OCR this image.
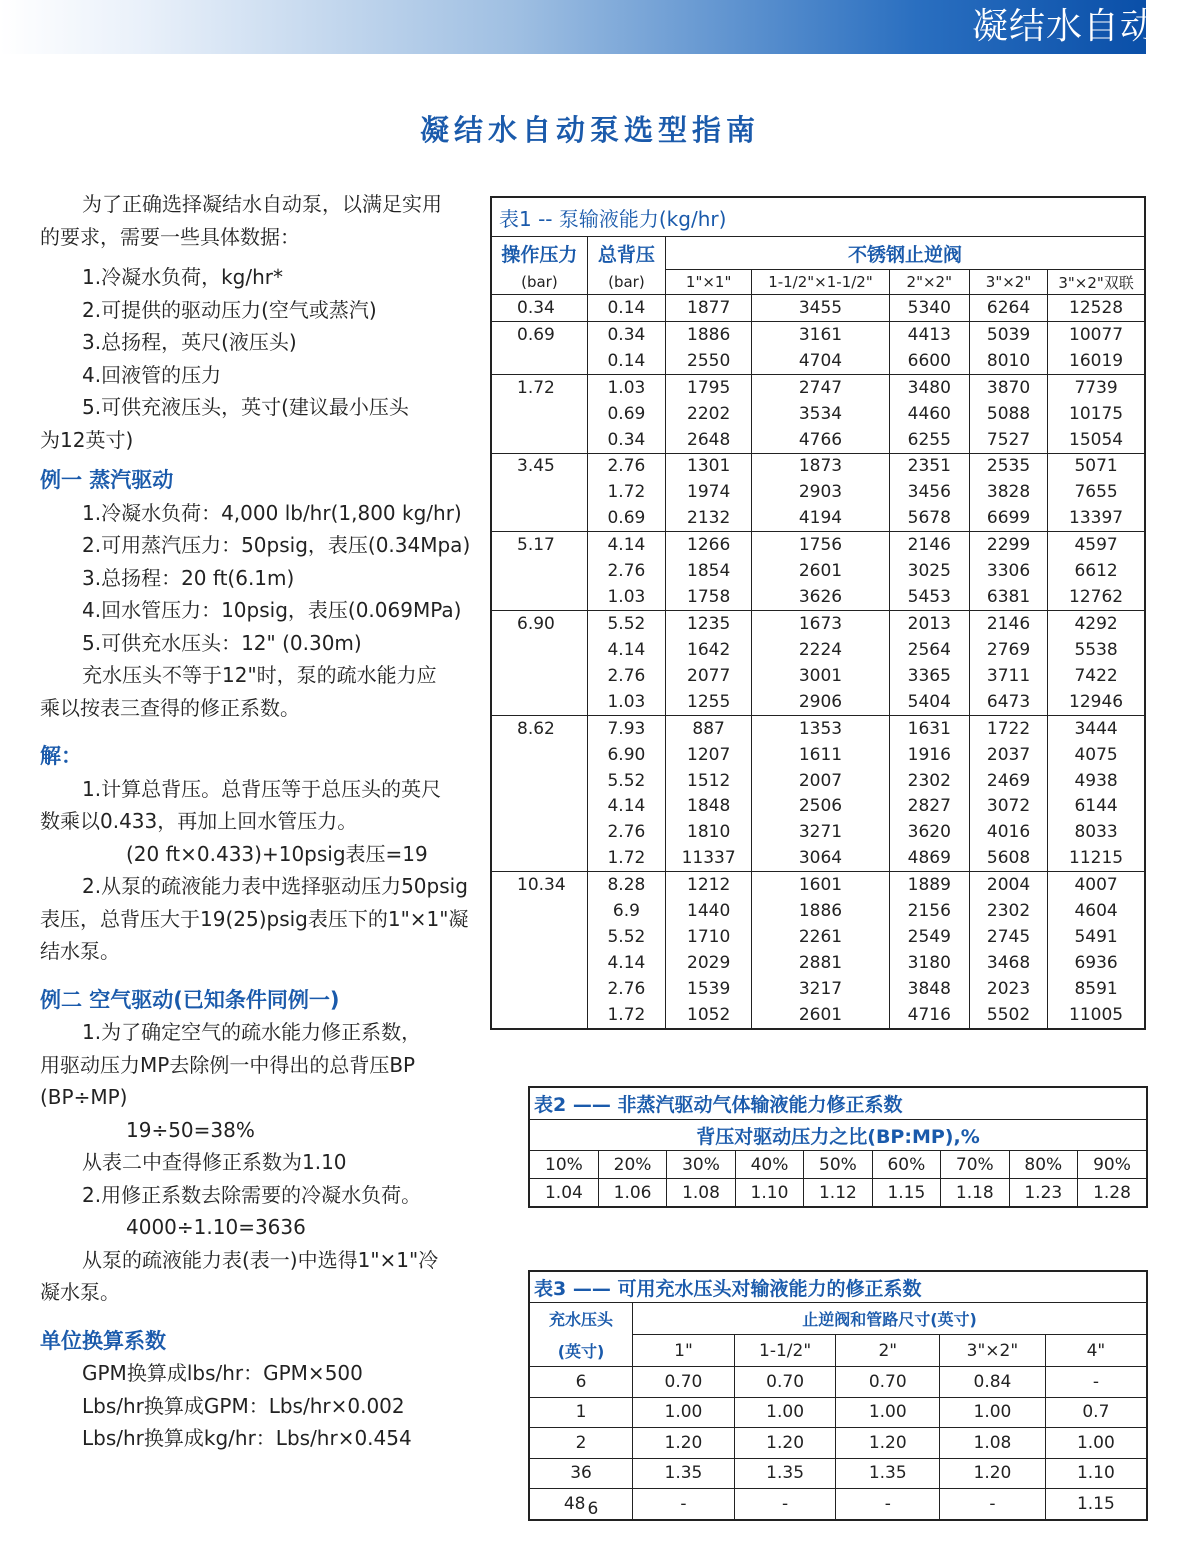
凝结水自动泵
凝结水自动泵选型指南

为了正确选择凝结水自动泵，以满足实用

的要求，需要一些具体数据：

1.冷凝水负荷，kg/hr*

2.可提供的驱动压力(空气或蒸汽)

3.总扬程，英尺(液压头)

4.回液管的压力

5.可供充液压头，英寸(建议最小压头

为12英寸)

例一 蒸汽驱动

1.冷凝水负荷：4,000 lb/hr(1,800 kg/hr)

2.可用蒸汽压力：50psig，表压(0.34Mpa)

3.总扬程：20 ft(6.1m)

4.回水管压力：10psig，表压(0.069MPa)

5.可供充水压头：12" (0.30m)

充水压头不等于12"时，泵的疏水能力应

乘以按表三查得的修正系数。

解：

1.计算总背压。总背压等于总压头的英尺

数乘以0.433，再加上回水管压力。

(20 ft×0.433)+10psig表压=19

2.从泵的疏液能力表中选择驱动压力50psig

表压，总背压大于19(25)psig表压下的1"×1"凝

结水泵。

例二 空气驱动(已知条件同例一)

1.为了确定空气的疏水能力修正系数，

用驱动压力MP去除例一中得出的总背压BP

(BP÷MP)

19÷50=38%

从表二中查得修正系数为1.10

2.用修正系数去除需要的冷凝水负荷。

4000÷1.10=3636

从泵的疏液能力表(表一)中选得1"×1"冷

凝水泵。

单位换算系数

GPM换算成lbs/hr：GPM×500

Lbs/hr换算成GPM：Lbs/hr×0.002

Lbs/hr换算成kg/hr：Lbs/hr×0.454

表1 -- 泵输液能力(kg/hr)						
操作压力	总背压	不锈钢止逆阀				
(bar)	(bar)	1"×1"	1-1/2"×1-1/2"	2"×2"	3"×2"	3"×2"双联
0.34	0.14	1877	3455	5340	6264	12528
0.69	0.34	1886	3161	4413	5039	10077
	0.14	2550	4704	6600	8010	16019
1.72	1.03	1795	2747	3480	3870	7739
	0.69	2202	3534	4460	5088	10175
	0.34	2648	4766	6255	7527	15054
3.45	2.76	1301	1873	2351	2535	5071
	1.72	1974	2903	3456	3828	7655
	0.69	2132	4194	5678	6699	13397
5.17	4.14	1266	1756	2146	2299	4597
	2.76	1854	2601	3025	3306	6612
	1.03	1758	3626	5453	6381	12762
6.90	5.52	1235	1673	2013	2146	4292
	4.14	1642	2224	2564	2769	5538
	2.76	2077	3001	3365	3711	7422
	1.03	1255	2906	5404	6473	12946
8.62	7.93	887	1353	1631	1722	3444
	6.90	1207	1611	1916	2037	4075
	5.52	1512	2007	2302	2469	4938
	4.14	1848	2506	2827	3072	6144
	2.76	1810	3271	3620	4016	8033
	1.72	11337	3064	4869	5608	11215
10.34	8.28	1212	1601	1889	2004	4007
	6.9	1440	1886	2156	2302	4604
	5.52	1710	2261	2549	2745	5491
	4.14	2029	2881	3180	3468	6936
	2.76	1539	3217	3848	2023	8591
	1.72	1052	2601	4716	5502	11005
表2 —— 非蒸汽驱动气体输液能力修正系数								
背压对驱动压力之比(BP:MP),%								
10%	20%	30%	40%	50%	60%	70%	80%	90%
1.04	1.06	1.08	1.10	1.12	1.15	1.18	1.23	1.28
表3 —— 可用充水压头对输液能力的修正系数					
充水压头	止逆阀和管路尺寸(英寸)				
(英寸)	1"	1-1/2"	2"	3"×2"	4"
6	0.70	0.70	0.70	0.84	-
1	1.00	1.00	1.00	1.00	0.7
2	1.20	1.20	1.20	1.08	1.00
36	1.35	1.35	1.35	1.20	1.10
48 6	-	-	-	-	1.15
